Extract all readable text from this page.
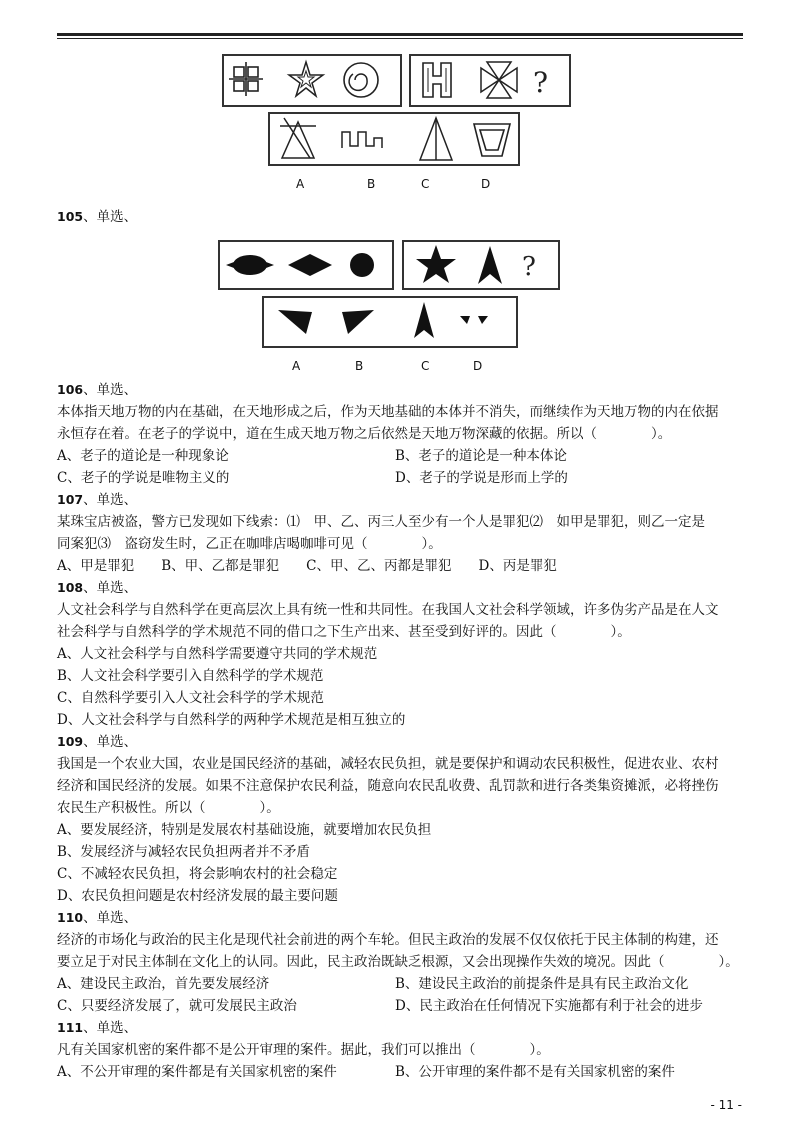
?
A	B	C	D
105、单选、
?
A	B	C	D
106、单选、
本体指天地万物的内在基础，在天地形成之后，作为天地基础的本体并不消失，而继续作为天地万物的内在依据
永恒存在着。在老子的学说中，道在生成天地万物之后依然是天地万物深藏的依据。所以（　　　　）。
A、老子的道论是一种现象论	B、老子的道论是一种本体论
C、老子的学说是唯物主义的	D、老子的学说是形而上学的
107、单选、
某珠宝店被盗，警方已发现如下线索：⑴　甲、乙、丙三人至少有一个人是罪犯⑵　如甲是罪犯，则乙一定是
同案犯⑶　盗窃发生时，乙正在咖啡店喝咖啡可见（　　　　）。
A、甲是罪犯　　B、甲、乙都是罪犯　　C、甲、乙、丙都是罪犯　　D、丙是罪犯
108、单选、
人文社会科学与自然科学在更高层次上具有统一性和共同性。在我国人文社会科学领域，许多伪劣产品是在人文
社会科学与自然科学的学术规范不同的借口之下生产出来、甚至受到好评的。因此（　　　　）。
A、人文社会科学与自然科学需要遵守共同的学术规范
B、人文社会科学要引入自然科学的学术规范
C、自然科学要引入人文社会科学的学术规范
D、人文社会科学与自然科学的两种学术规范是相互独立的
109、单选、
我国是一个农业大国，农业是国民经济的基础，减轻农民负担，就是要保护和调动农民积极性，促进农业、农村
经济和国民经济的发展。如果不注意保护农民利益，随意向农民乱收费、乱罚款和进行各类集资摊派，必将挫伤
农民生产积极性。所以（　　　　）。
A、要发展经济，特别是发展农村基础设施，就要增加农民负担
B、发展经济与减轻农民负担两者并不矛盾
C、不减轻农民负担，将会影响农村的社会稳定
D、农民负担问题是农村经济发展的最主要问题
110、单选、
经济的市场化与政治的民主化是现代社会前进的两个车轮。但民主政治的发展不仅仅依托于民主体制的构建，还
要立足于对民主体制在文化上的认同。因此，民主政治既缺乏根源，又会出现操作失效的境况。因此（　　　　）。
A、建设民主政治，首先要发展经济	B、建设民主政治的前提条件是具有民主政治文化
C、只要经济发展了，就可发展民主政治	D、民主政治在任何情况下实施都有利于社会的进步
111、单选、
凡有关国家机密的案件都不是公开审理的案件。据此，我们可以推出（　　　　）。
A、不公开审理的案件都是有关国家机密的案件	B、公开审理的案件都不是有关国家机密的案件
- 11 -
